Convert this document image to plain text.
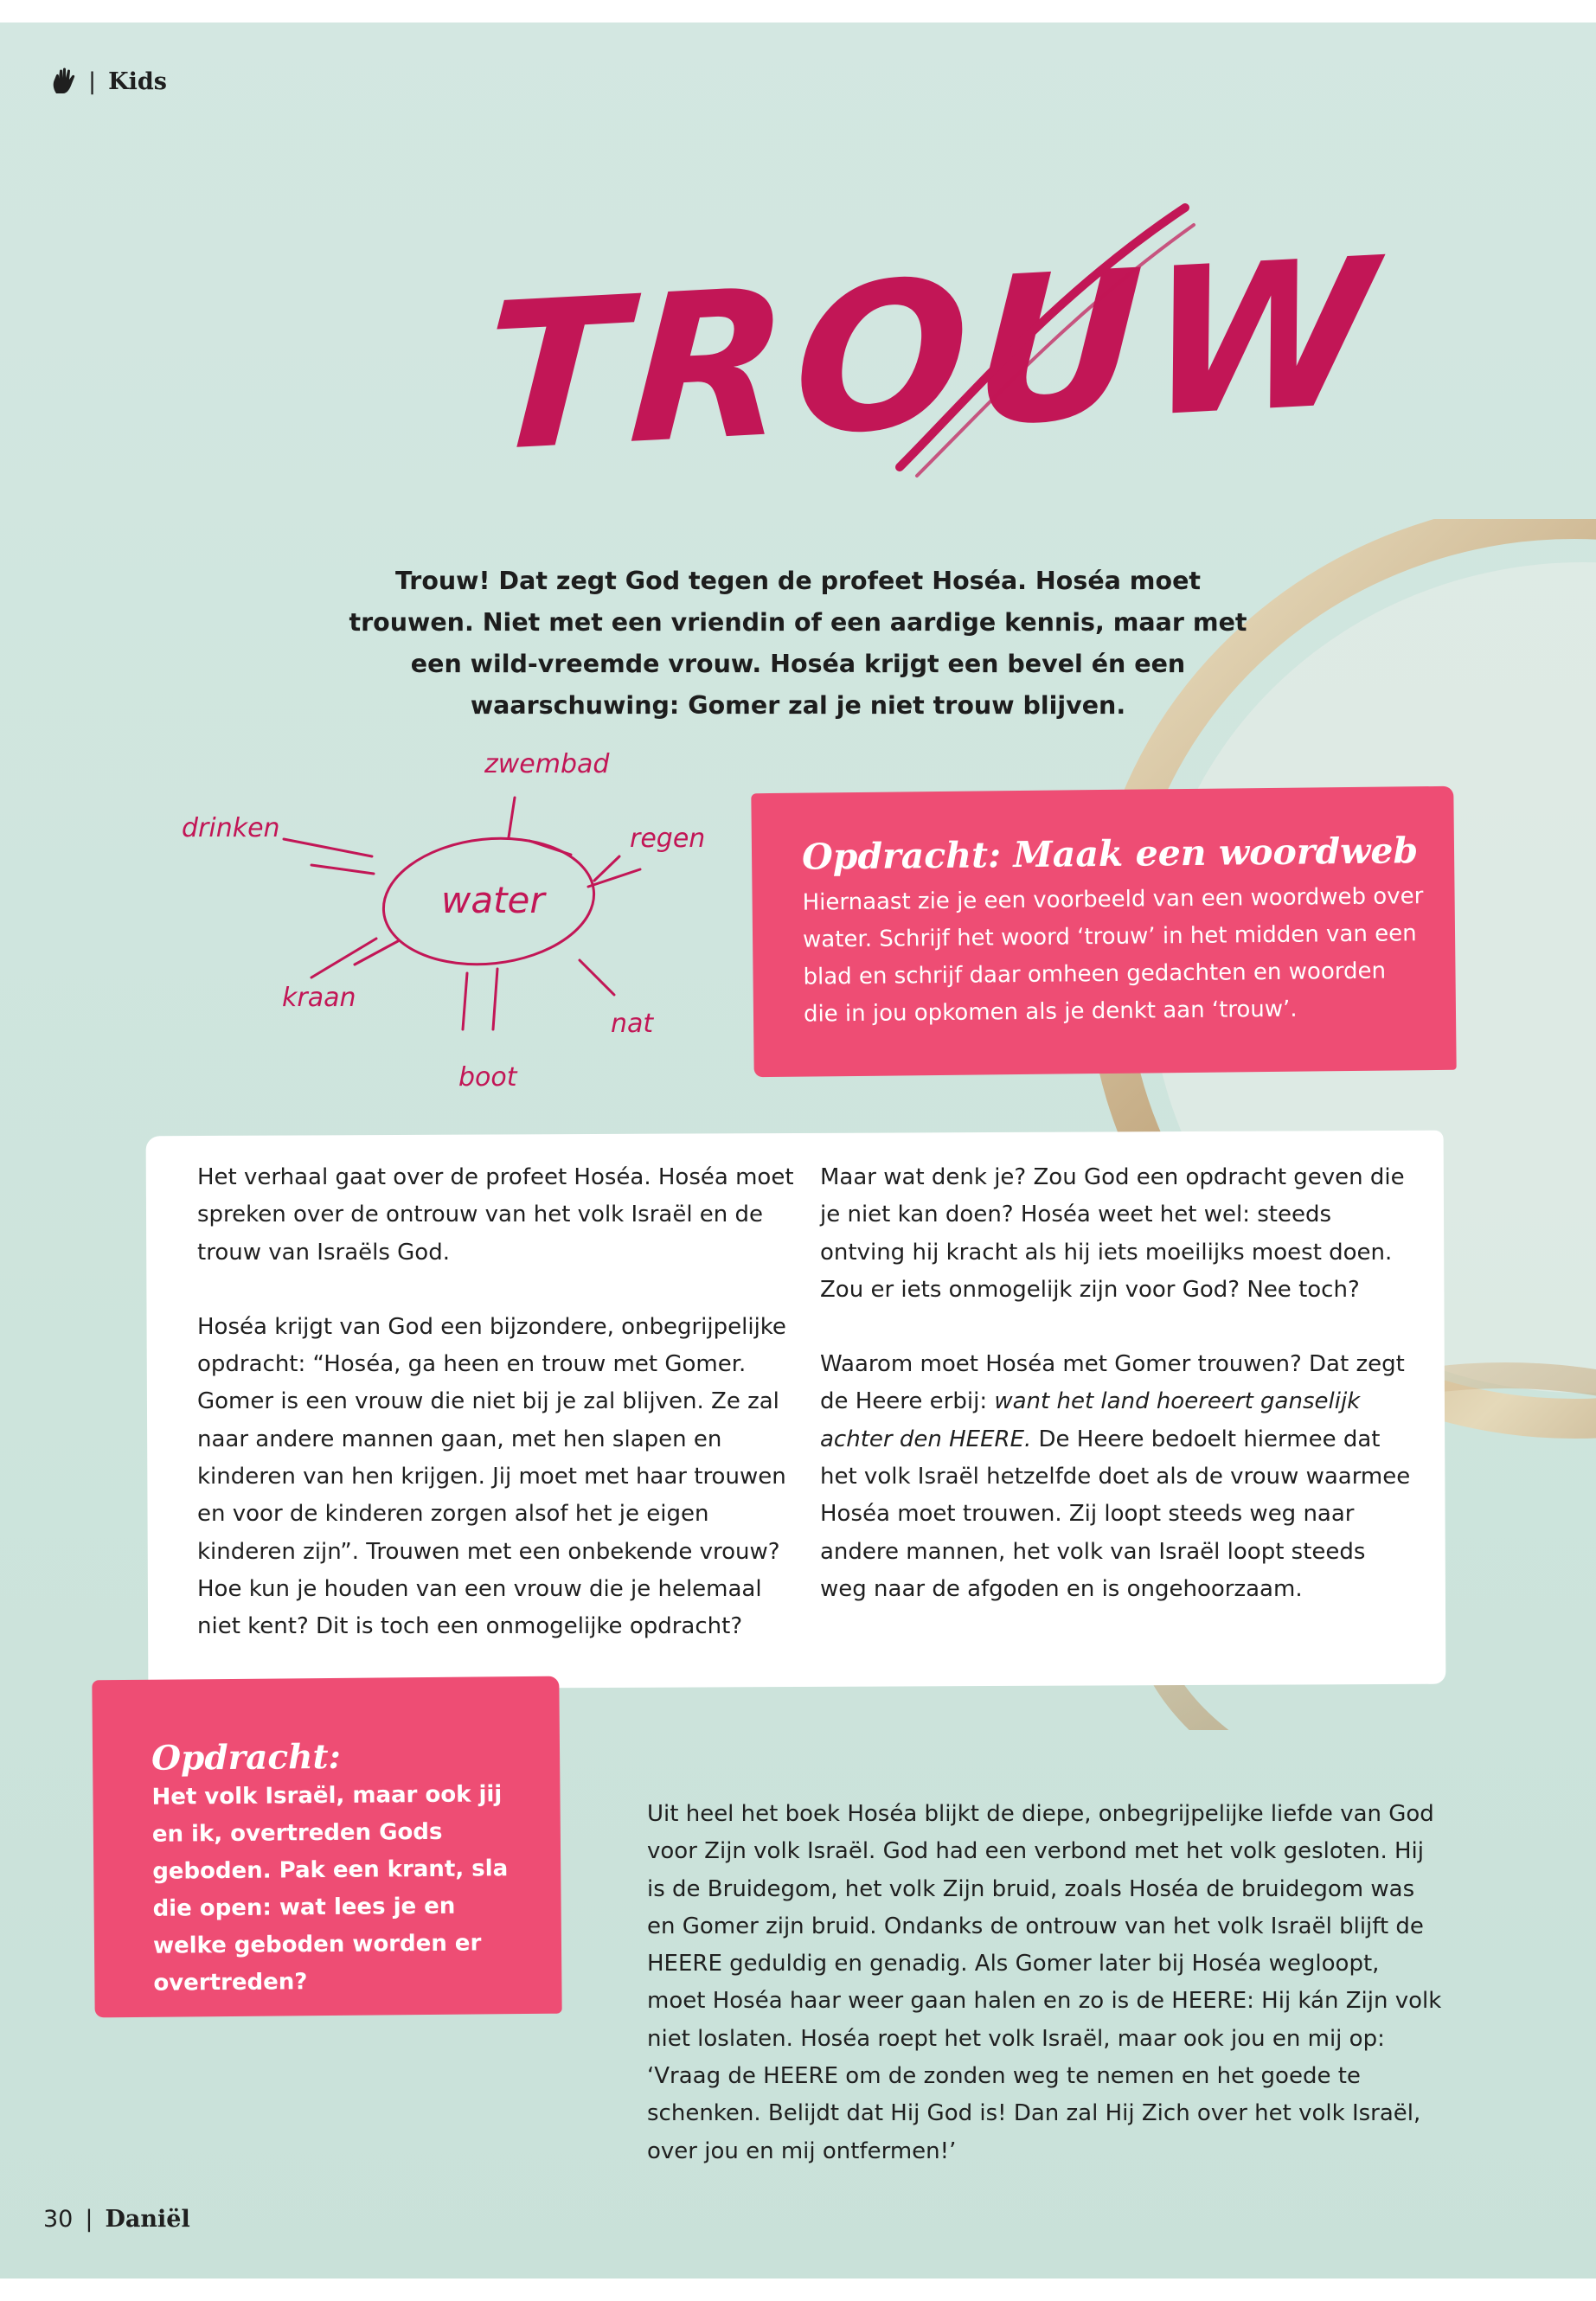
| Kids
TROUW
Trouw! Dat zegt God tegen de profeet Hoséa. Hoséa moet trouwen. Niet met een vriendin of een aardige kennis, maar met een wild-vreemde vrouw. Hoséa krijgt een bevel én een waarschuwing: Gomer zal je niet trouw blijven.
water
zwembad
drinken	regen
kraan
nat
boot
Opdracht: Maak een woordweb
Hiernaast zie je een voorbeeld van een woordweb over water. Schrijf het woord ‘trouw’ in het midden van een blad en schrijf daar omheen gedachten en woorden die in jou opkomen als je denkt aan ‘trouw’.

Het verhaal gaat over de profeet Hoséa. Hoséa moet spreken over de ontrouw van het volk Israël en de trouw van Israëls God.

Hoséa krijgt van God een bijzondere, onbegrijpelijke opdracht: “Hoséa, ga heen en trouw met Gomer. Gomer is een vrouw die niet bij je zal blijven. Ze zal naar andere mannen gaan, met hen slapen en kinderen van hen krijgen. Jij moet met haar trouwen en voor de kinderen zorgen alsof het je eigen kinderen zijn”. Trouwen met een onbekende vrouw? Hoe kun je houden van een vrouw die je helemaal niet kent? Dit is toch een onmogelijke opdracht?

Maar wat denk je? Zou God een opdracht geven die je niet kan doen? Hoséa weet het wel: steeds ontving hij kracht als hij iets moeilijks moest doen. Zou er iets onmogelijk zijn voor God? Nee toch?

Waarom moet Hoséa met Gomer trouwen? Dat zegt de Heere erbij: want het land hoereert ganselijk achter den HEERE. De Heere bedoelt hiermee dat het volk Israël hetzelfde doet als de vrouw waarmee Hoséa moet trouwen. Zij loopt steeds weg naar andere mannen, het volk van Israël loopt steeds weg naar de afgoden en is ongehoorzaam.

Opdracht:
Het volk Israël, maar ook jij en ik, overtreden Gods geboden. Pak een krant, sla die open: wat lees je en welke geboden worden er overtreden?
Uit heel het boek Hoséa blijkt de diepe, onbegrijpelijke liefde van God voor Zijn volk Israël. God had een verbond met het volk gesloten. Hij is de Bruidegom, het volk Zijn bruid, zoals Hoséa de bruidegom was en Gomer zijn bruid. Ondanks de ontrouw van het volk Israël blijft de HEERE geduldig en genadig. Als Gomer later bij Hoséa wegloopt, moet Hoséa haar weer gaan halen en zo is de HEERE: Hij kán Zijn volk niet loslaten. Hoséa roept het volk Israël, maar ook jou en mij op: ‘Vraag de HEERE om de zonden weg te nemen en het goede te schenken. Belijdt dat Hij God is! Dan zal Hij Zich over het volk Israël, over jou en mij ontfermen!’
30 | Daniël
